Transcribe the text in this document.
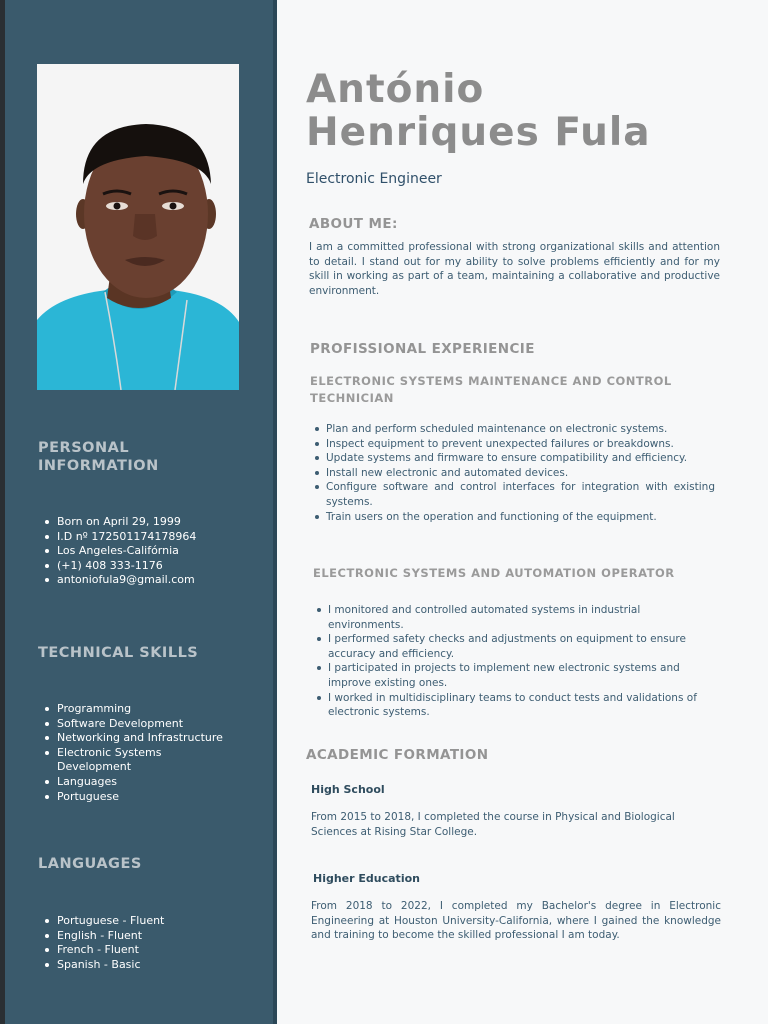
PERSONAL
INFORMATION
Born on April 29, 1999
I.D nº 172501174178964
Los Angeles-Califórnia
(+1) 408 333-1176
antoniofula9@gmail.com
TECHNICAL SKILLS
Programming
Software Development
Networking and Infrastructure
Electronic Systems Development
Languages
Portuguese
LANGUAGES
Portuguese - Fluent
English - Fluent
French - Fluent
Spanish - Basic
António
Henriques Fula
Electronic Engineer
ABOUT ME:

I am a committed professional with strong organizational skills and attention to detail. I stand out for my ability to solve problems efficiently and for my skill in working as part of a team, maintaining a collaborative and productive environment.

PROFISSIONAL EXPERIENCIE
ELECTRONIC SYSTEMS MAINTENANCE AND CONTROL TECHNICIAN
Plan and perform scheduled maintenance on electronic systems.
Inspect equipment to prevent unexpected failures or breakdowns.
Update systems and firmware to ensure compatibility and efficiency.
Install new electronic and automated devices.
Configure software and control interfaces for integration with existing systems.
Train users on the operation and functioning of the equipment.
ELECTRONIC SYSTEMS AND AUTOMATION OPERATOR
I monitored and controlled automated systems in industrial environments.
I performed safety checks and adjustments on equipment to ensure accuracy and efficiency.
I participated in projects to implement new electronic systems and improve existing ones.
I worked in multidisciplinary teams to conduct tests and validations of electronic systems.
ACADEMIC FORMATION
High School

From 2015 to 2018, I completed the course in Physical and Biological Sciences at Rising Star College.

Higher Education

From 2018 to 2022, I completed my Bachelor's degree in Electronic Engineering at Houston University-California, where I gained the knowledge and training to become the skilled professional I am today.
